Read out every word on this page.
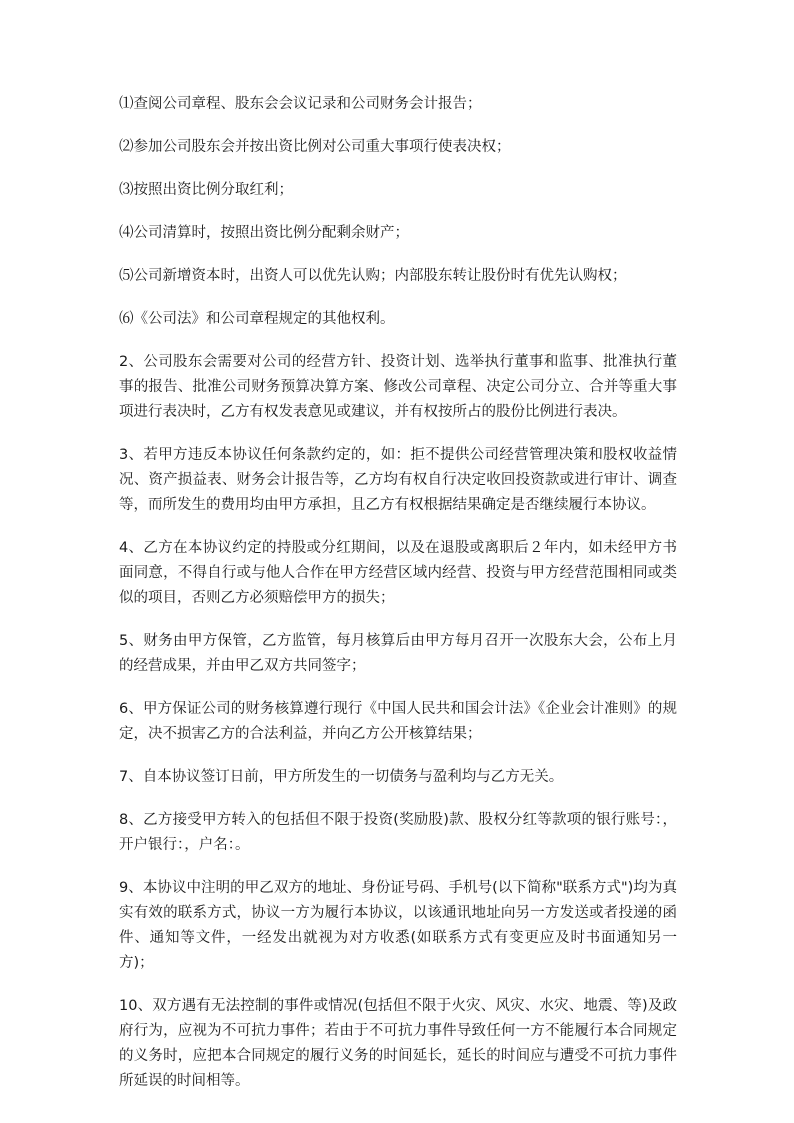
⑴查阅公司章程、股东会会议记录和公司财务会计报告；

⑵参加公司股东会并按出资比例对公司重大事项行使表决权；

⑶按照出资比例分取红利；

⑷公司清算时，按照出资比例分配剩余财产；

⑸公司新增资本时，出资人可以优先认购；内部股东转让股份时有优先认购权；

⑹《公司法》和公司章程规定的其他权利。

2、公司股东会需要对公司的经营方针、投资计划、选举执行董事和监事、批准执行董事的报告、批准公司财务预算决算方案、修改公司章程、决定公司分立、合并等重大事项进行表决时，乙方有权发表意见或建议，并有权按所占的股份比例进行表决。

3、若甲方违反本协议任何条款约定的，如：拒不提供公司经营管理决策和股权收益情况、资产损益表、财务会计报告等，乙方均有权自行决定收回投资款或进行审计、调查等，而所发生的费用均由甲方承担，且乙方有权根据结果确定是否继续履行本协议。

4、乙方在本协议约定的持股或分红期间，以及在退股或离职后２年内，如未经甲方书面同意，不得自行或与他人合作在甲方经营区域内经营、投资与甲方经营范围相同或类似的项目，否则乙方必须赔偿甲方的损失；

5、财务由甲方保管，乙方监管，每月核算后由甲方每月召开一次股东大会，公布上月的经营成果，并由甲乙双方共同签字；

6、甲方保证公司的财务核算遵行现行《中国人民共和国会计法》《企业会计准则》的规定，决不损害乙方的合法利益，并向乙方公开核算结果；

7、自本协议签订日前，甲方所发生的一切债务与盈利均与乙方无关。

8、乙方接受甲方转入的包括但不限于投资(奖励股)款、股权分红等款项的银行账号：，开户银行：，户名：。

9、本协议中注明的甲乙双方的地址、身份证号码、手机号(以下简称"联系方式")均为真实有效的联系方式，协议一方为履行本协议，以该通讯地址向另一方发送或者投递的函件、通知等文件，一经发出就视为对方收悉(如联系方式有变更应及时书面通知另一方)；

10、双方遇有无法控制的事件或情况(包括但不限于火灾、风灾、水灾、地震、等)及政府行为，应视为不可抗力事件；若由于不可抗力事件导致任何一方不能履行本合同规定的义务时，应把本合同规定的履行义务的时间延长，延长的时间应与遭受不可抗力事件所延误的时间相等。
